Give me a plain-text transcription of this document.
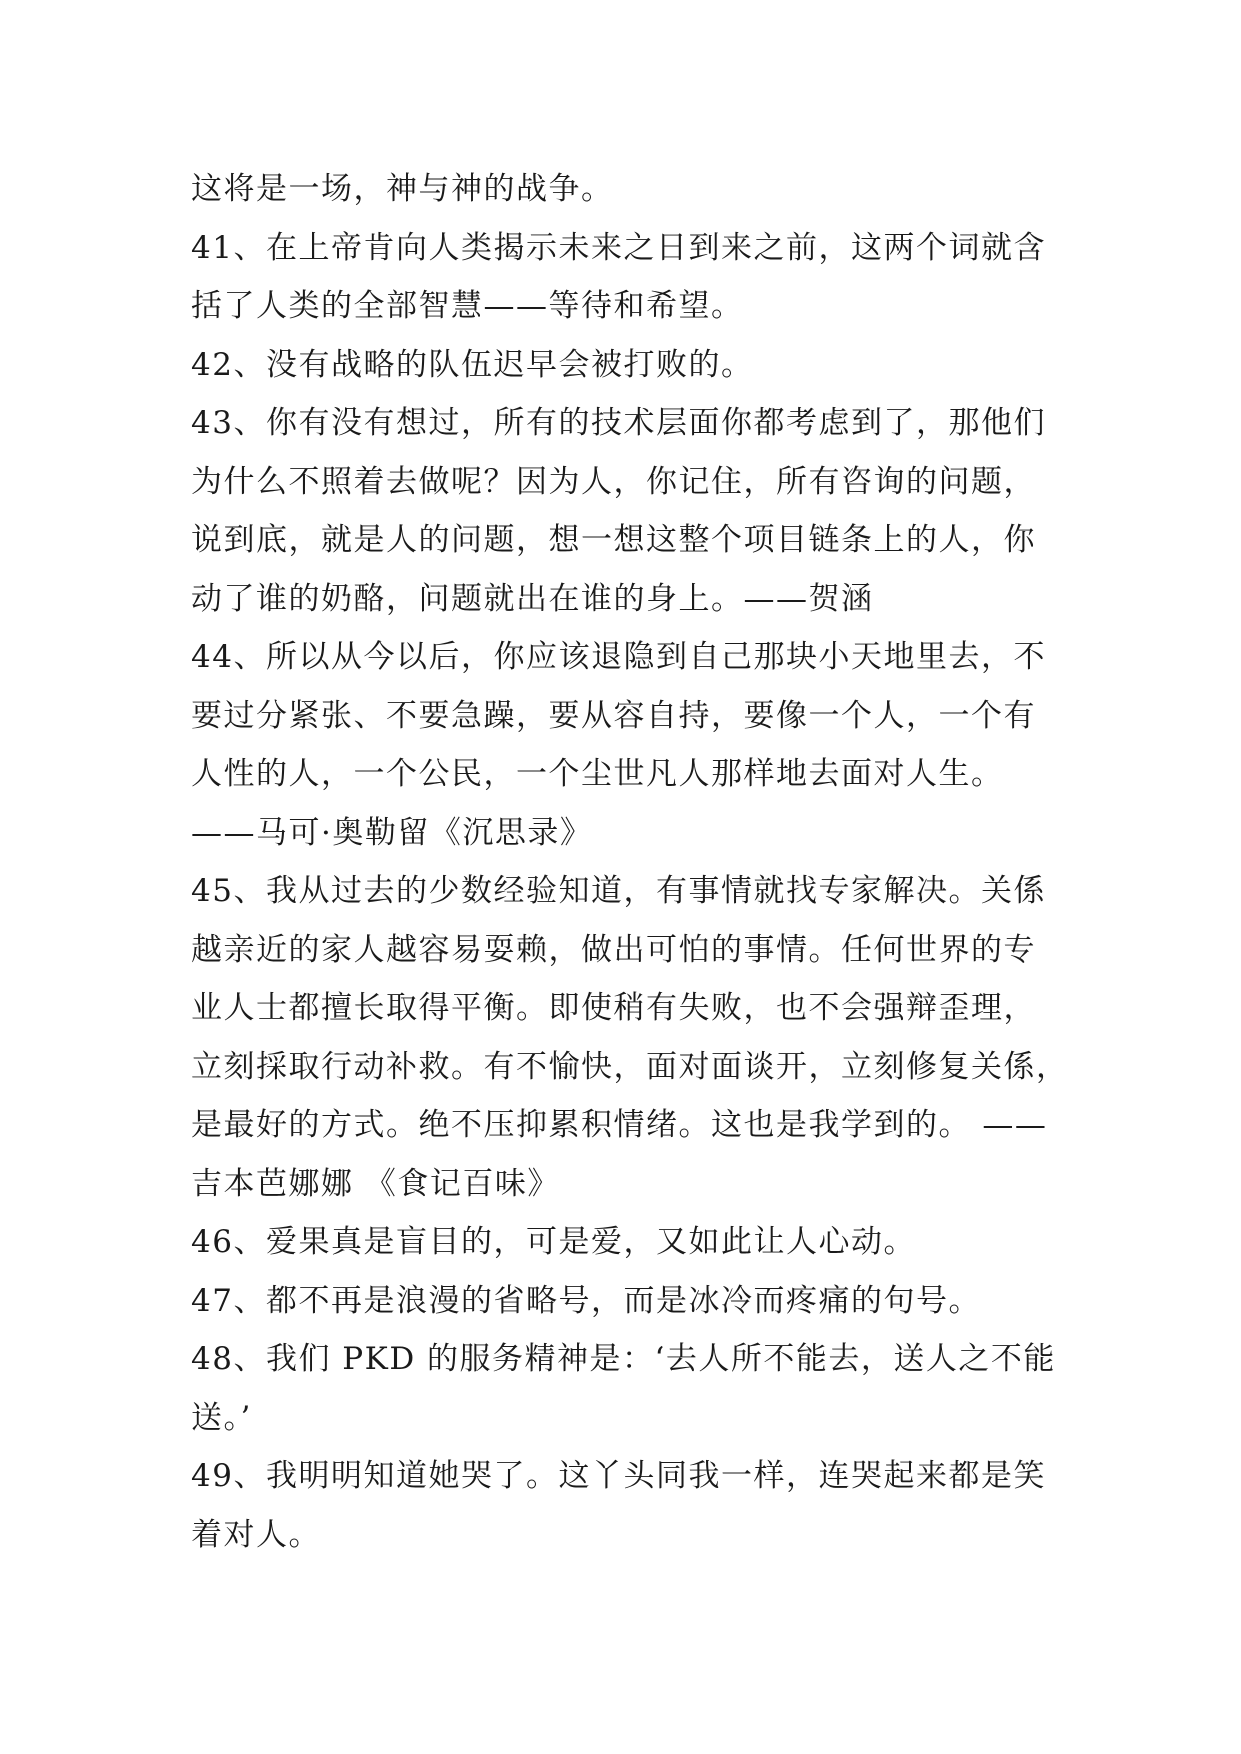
这将是一场，神与神的战争。
41、在上帝肯向人类揭示未来之日到来之前，这两个词就含
括了人类的全部智慧——等待和希望。
42、没有战略的队伍迟早会被打败的。
43、你有没有想过，所有的技术层面你都考虑到了，那他们
为什么不照着去做呢？因为人，你记住，所有咨询的问题，
说到底，就是人的问题，想一想这整个项目链条上的人，你
动了谁的奶酪，问题就出在谁的身上。——贺涵
44、所以从今以后，你应该退隐到自己那块小天地里去，不
要过分紧张、不要急躁，要从容自持，要像一个人，一个有
人性的人，一个公民，一个尘世凡人那样地去面对人生。
——马可·奥勒留《沉思录》
45、我从过去的少数经验知道，有事情就找专家解决。关係
越亲近的家人越容易耍赖，做出可怕的事情。任何世界的专
业人士都擅长取得平衡。即使稍有失败，也不会强辩歪理，
立刻採取行动补救。有不愉快，面对面谈开，立刻修复关係，
是最好的方式。绝不压抑累积情绪。这也是我学到的。 ——
吉本芭娜娜 《食记百味》
46、爱果真是盲目的，可是爱，又如此让人心动。
47、都不再是浪漫的省略号，而是冰冷而疼痛的句号。
48、我们 PKD 的服务精神是：‘去人所不能去，送人之不能
送。’
49、我明明知道她哭了。这丫头同我一样，连哭起来都是笑
着对人。
